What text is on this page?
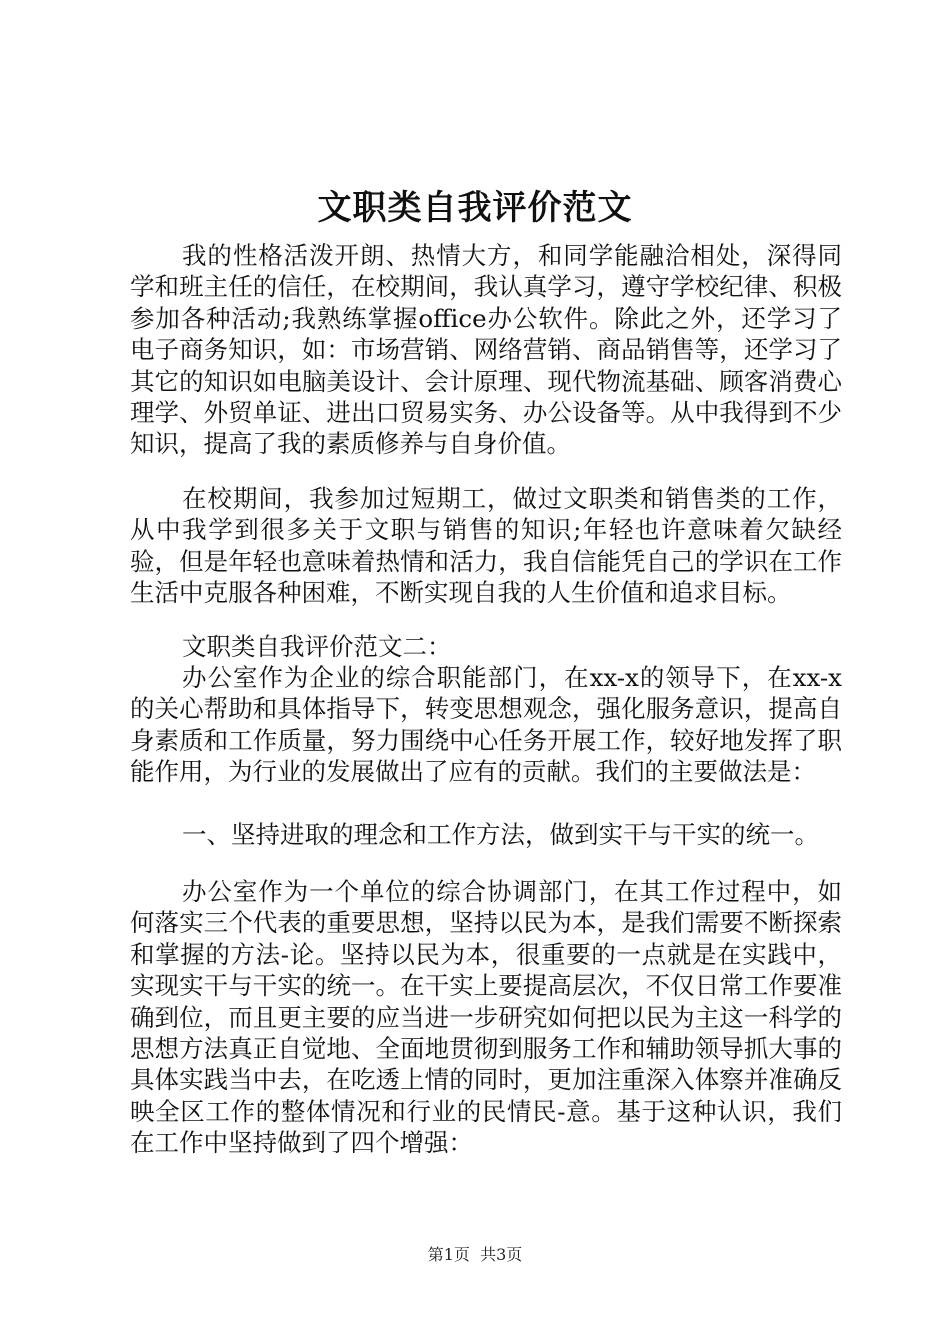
文职类自我评价范文

我的性格活泼开朗、热情大方，和同学能融洽相处，深得同学和班主任的信任，在校期间，我认真学习，遵守学校纪律、积极参加各种活动;我熟练掌握office办公软件。除此之外，还学习了电子商务知识，如：市场营销、网络营销、商品销售等，还学习了其它的知识如电脑美设计、会计原理、现代物流基础、顾客消费心理学、外贸单证、进出口贸易实务、办公设备等。从中我得到不少知识，提高了我的素质修养与自身价值。

在校期间，我参加过短期工，做过文职类和销售类的工作，从中我学到很多关于文职与销售的知识;年轻也许意味着欠缺经验，但是年轻也意味着热情和活力，我自信能凭自己的学识在工作生活中克服各种困难，不断实现自我的人生价值和追求目标。

文职类自我评价范文二：

办公室作为企业的综合职能部门，在xx-x的领导下，在xx-x的关心帮助和具体指导下，转变思想观念，强化服务意识，提高自身素质和工作质量，努力围绕中心任务开展工作，较好地发挥了职能作用，为行业的发展做出了应有的贡献。我们的主要做法是：

一、坚持进取的理念和工作方法，做到实干与干实的统一。

办公室作为一个单位的综合协调部门，在其工作过程中，如何落实三个代表的重要思想，坚持以民为本，是我们需要不断探索和掌握的方法-论。坚持以民为本，很重要的一点就是在实践中，实现实干与干实的统一。在干实上要提高层次，不仅日常工作要准确到位，而且更主要的应当进一步研究如何把以民为主这一科学的思想方法真正自觉地、全面地贯彻到服务工作和辅助领导抓大事的具体实践当中去，在吃透上情的同时，更加注重深入体察并准确反映全区工作的整体情况和行业的民情民-意。基于这种认识，我们在工作中坚持做到了四个增强：

第1页 共3页
